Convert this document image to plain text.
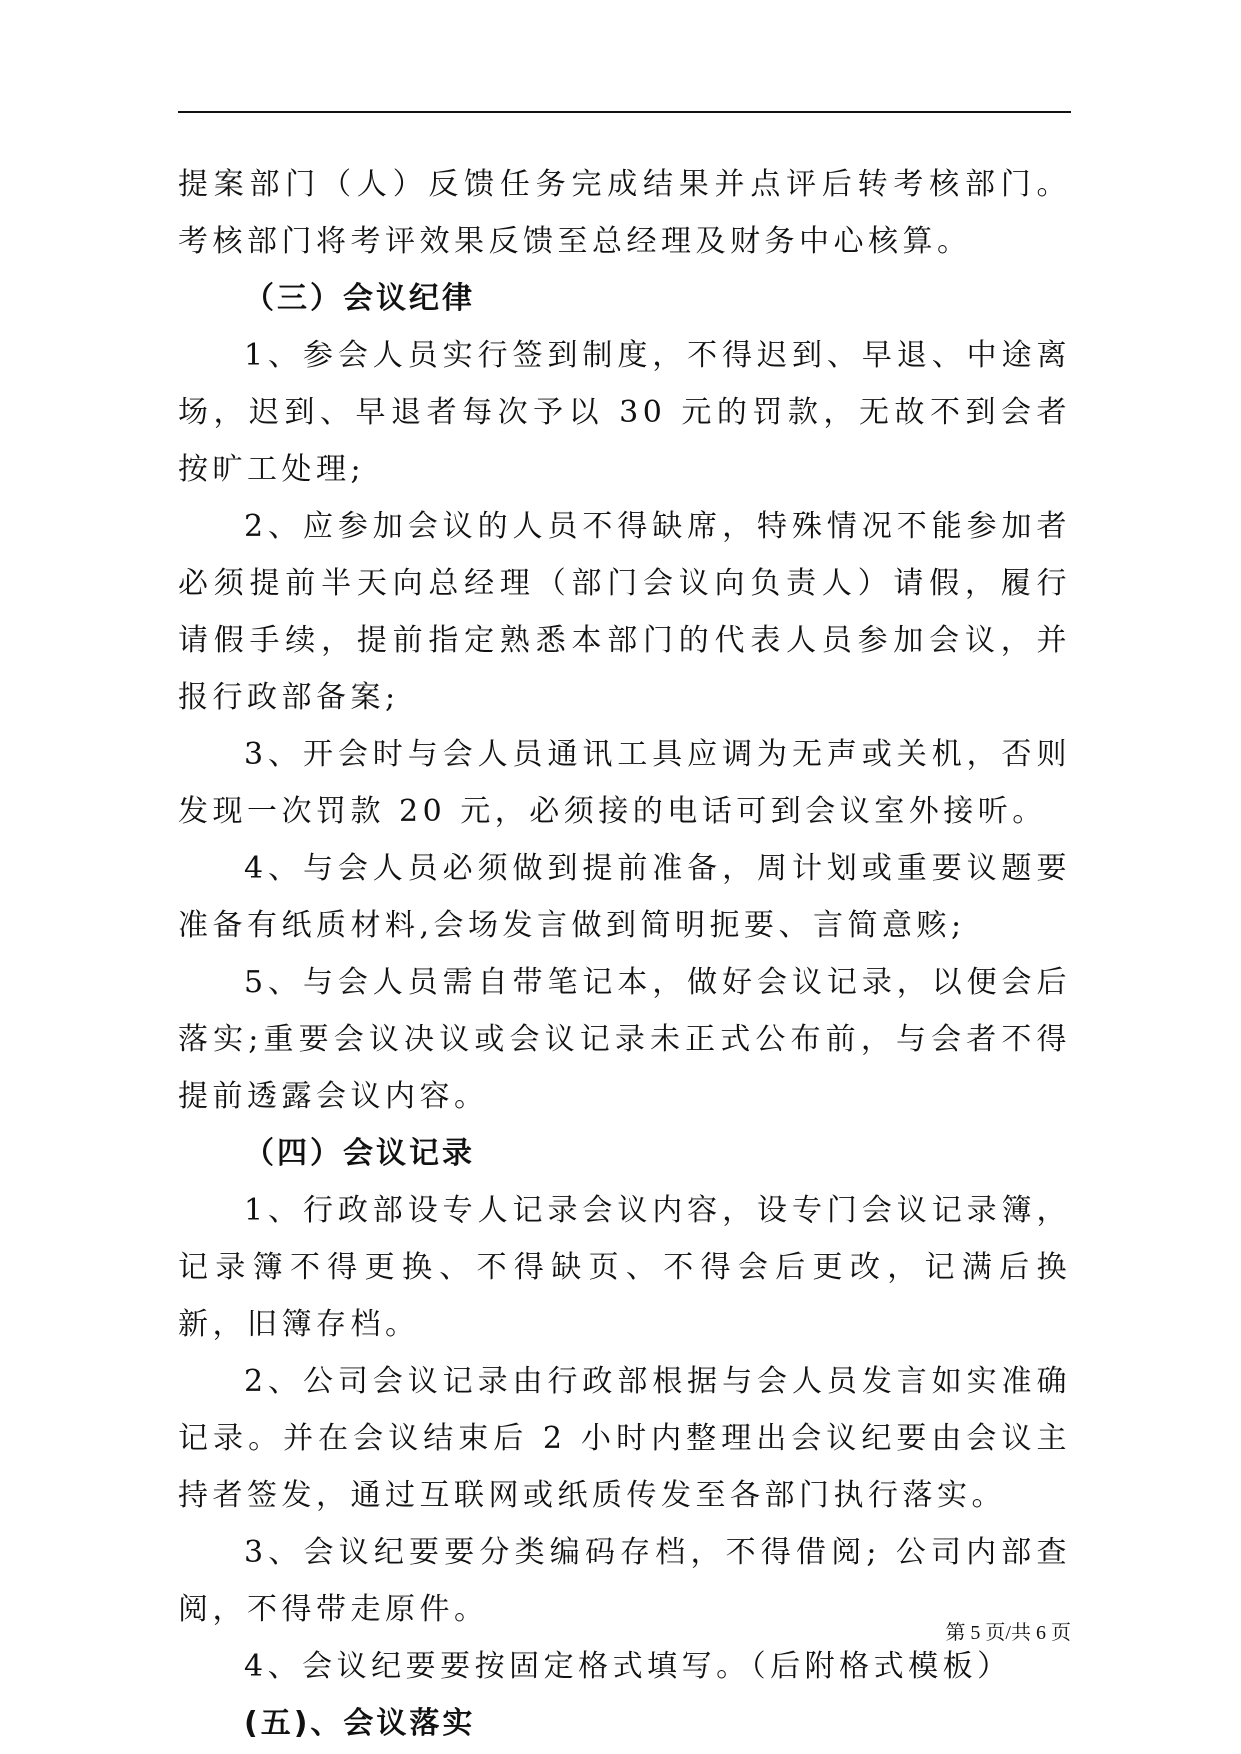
提案部门（人）反馈任务完成结果并点评后转考核部门。考核部门将考评效果反馈至总经理及财务中心核算。

（三）会议纪律

1、参会人员实行签到制度，不得迟到、早退、中途离场，迟到、早退者每次予以 30 元的罚款，无故不到会者按旷工处理;

2、应参加会议的人员不得缺席，特殊情况不能参加者必须提前半天向总经理（部门会议向负责人）请假，履行请假手续，提前指定熟悉本部门的代表人员参加会议，并报行政部备案;

3、开会时与会人员通讯工具应调为无声或关机，否则发现一次罚款 20 元，必须接的电话可到会议室外接听。

4、与会人员必须做到提前准备，周计划或重要议题要准备有纸质材料,会场发言做到简明扼要、言简意赅;

5、与会人员需自带笔记本，做好会议记录，以便会后落实;重要会议决议或会议记录未正式公布前，与会者不得提前透露会议内容。

（四）会议记录

1、行政部设专人记录会议内容，设专门会议记录簿，记录簿不得更换、不得缺页、不得会后更改，记满后换新，旧簿存档。

2、公司会议记录由行政部根据与会人员发言如实准确记录。并在会议结束后 2 小时内整理出会议纪要由会议主持者签发，通过互联网或纸质传发至各部门执行落实。

3、会议纪要要分类编码存档，不得借阅; 公司内部查阅，不得带走原件。

4、会议纪要要按固定格式填写。（后附格式模板）

(五)、会议落实
第 5 页/共 6 页
